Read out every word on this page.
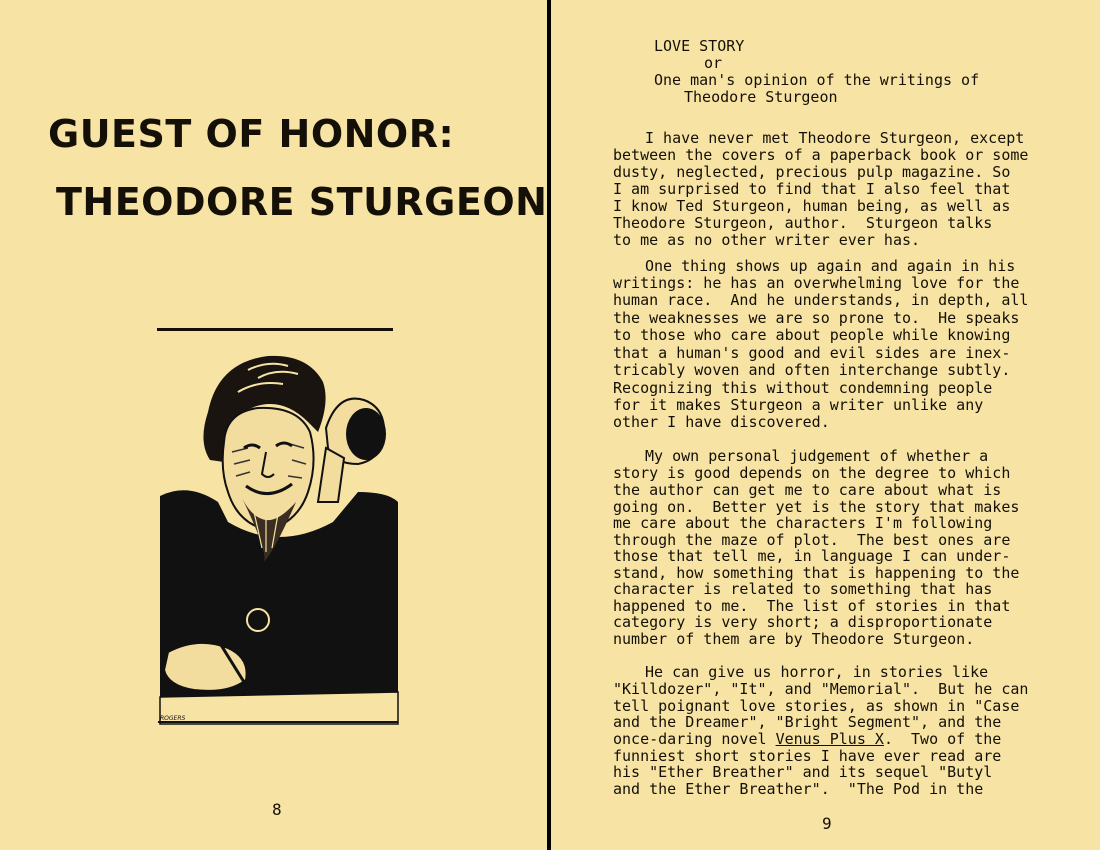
GUEST OF HONOR:
THEODORE STURGEON
ROGERS
8
LOVE STORY
or
One man's opinion of the writings of
Theodore Sturgeon

I have never met Theodore Sturgeon, except

between the covers of a paperback book or some

dusty, neglected, precious pulp magazine. So

I am surprised to find that I also feel that

I know Ted Sturgeon, human being, as well as

Theodore Sturgeon, author.  Sturgeon talks

to me as no other writer ever has.

One thing shows up again and again in his

writings: he has an overwhelming love for the

human race.  And he understands, in depth, all

the weaknesses we are so prone to.  He speaks

to those who care about people while knowing

that a human's good and evil sides are inex-

tricably woven and often interchange subtly.

Recognizing this without condemning people

for it makes Sturgeon a writer unlike any

other I have discovered.

My own personal judgement of whether a

story is good depends on the degree to which

the author can get me to care about what is

going on.  Better yet is the story that makes

me care about the characters I'm following

through the maze of plot.  The best ones are

those that tell me, in language I can under-

stand, how something that is happening to the

character is related to something that has

happened to me.  The list of stories in that

category is very short; a disproportionate

number of them are by Theodore Sturgeon.

He can give us horror, in stories like

"Killdozer", "It", and "Memorial".  But he can

tell poignant love stories, as shown in "Case

and the Dreamer", "Bright Segment", and the

once-daring novel Venus Plus X.  Two of the

funniest short stories I have ever read are

his "Ether Breather" and its sequel "Butyl

and the Ether Breather".  "The Pod in the

9
